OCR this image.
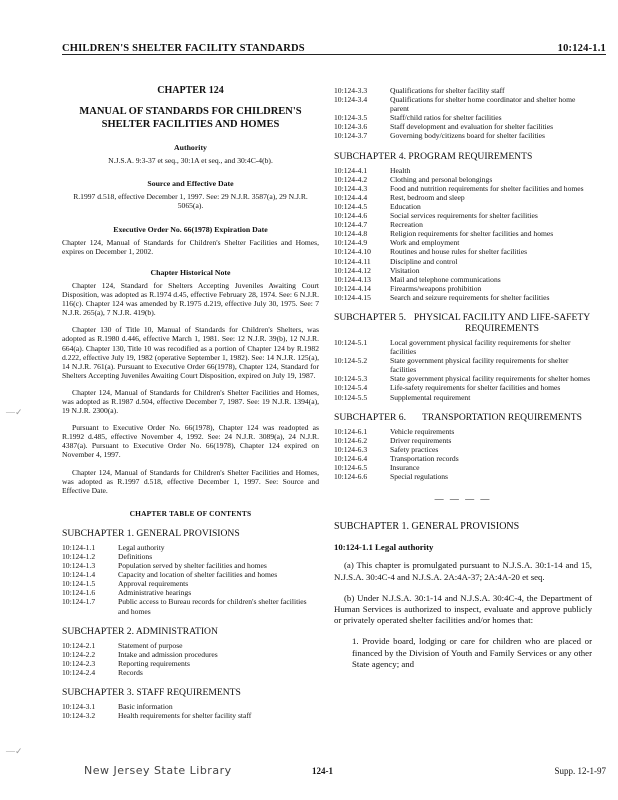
CHILDREN'S SHELTER FACILITY STANDARDS	10:124-1.1
—✓
—✓
CHAPTER 124
MANUAL OF STANDARDS FOR CHILDREN'S SHELTER FACILITIES AND HOMES
Authority
N.J.S.A. 9:3-37 et seq., 30:1A et seq., and 30:4C-4(b).
Source and Effective Date
R.1997 d.518, effective December 1, 1997. See: 29 N.J.R. 3587(a), 29 N.J.R. 5065(a).
Executive Order No. 66(1978) Expiration Date
Chapter 124, Manual of Standards for Children's Shelter Facilities and Homes, expires on December 1, 2002.
Chapter Historical Note
Chapter 124, Standard for Shelters Accepting Juveniles Awaiting Court Disposition, was adopted as R.1974 d.45, effective February 28, 1974. See: 6 N.J.R. 116(c). Chapter 124 was amended by R.1975 d.219, effective July 30, 1975. See: 7 N.J.R. 265(a), 7 N.J.R. 419(b).
Chapter 130 of Title 10, Manual of Standards for Children's Shelters, was adopted as R.1980 d.446, effective March 1, 1981. See: 12 N.J.R. 39(b), 12 N.J.R. 664(a). Chapter 130, Title 10 was recodified as a portion of Chapter 124 by R.1982 d.222, effective July 19, 1982 (operative September 1, 1982). See: 14 N.J.R. 125(a), 14 N.J.R. 761(a). Pursuant to Executive Order 66(1978), Chapter 124, Standard for Shelters Accepting Juveniles Awaiting Court Disposition, expired on July 19, 1987.
Chapter 124, Manual of Standards for Children's Shelter Facilities and Homes, was adopted as R.1987 d.504, effective December 7, 1987. See: 19 N.J.R. 1394(a), 19 N.J.R. 2300(a).
Pursuant to Executive Order No. 66(1978), Chapter 124 was readopted as R.1992 d.485, effective November 4, 1992. See: 24 N.J.R. 3089(a), 24 N.J.R. 4387(a). Pursuant to Executive Order No. 66(1978), Chapter 124 expired on November 4, 1997.
Chapter 124, Manual of Standards for Children's Shelter Facilities and Homes, was adopted as R.1997 d.518, effective December 1, 1997. See: Source and Effective Date.
CHAPTER TABLE OF CONTENTS
SUBCHAPTER 1. GENERAL PROVISIONS
10:124-1.1	Legal authority
10:124-1.2	Definitions
10:124-1.3	Population served by shelter facilities and homes
10:124-1.4	Capacity and location of shelter facilities and homes
10:124-1.5	Approval requirements
10:124-1.6	Administrative hearings
10:124-1.7	Public access to Bureau records for children's shelter facilities and homes
SUBCHAPTER 2. ADMINISTRATION
10:124-2.1	Statement of purpose
10:124-2.2	Intake and admission procedures
10:124-2.3	Reporting requirements
10:124-2.4	Records
SUBCHAPTER 3. STAFF REQUIREMENTS
10:124-3.1	Basic information
10:124-3.2	Health requirements for shelter facility staff
10:124-3.3	Qualifications for shelter facility staff
10:124-3.4	Qualifications for shelter home coordinator and shelter home parent
10:124-3.5	Staff/child ratios for shelter facilities
10:124-3.6	Staff development and evaluation for shelter facilities
10:124-3.7	Governing body/citizens board for shelter facilities
SUBCHAPTER 4. PROGRAM REQUIREMENTS
10:124-4.1	Health
10:124-4.2	Clothing and personal belongings
10:124-4.3	Food and nutrition requirements for shelter facilities and homes
10:124-4.4	Rest, bedroom and sleep
10:124-4.5	Education
10:124-4.6	Social services requirements for shelter facilities
10:124-4.7	Recreation
10:124-4.8	Religion requirements for shelter facilities and homes
10:124-4.9	Work and employment
10:124-4.10	Routines and house rules for shelter facilities
10:124-4.11	Discipline and control
10:124-4.12	Visitation
10:124-4.13	Mail and telephone communications
10:124-4.14	Firearms/weapons prohibition
10:124-4.15	Search and seizure requirements for shelter facilities
SUBCHAPTER 5. PHYSICAL FACILITY AND LIFE-SAFETY REQUIREMENTS
10:124-5.1	Local government physical facility requirements for shelter facilities
10:124-5.2	State government physical facility requirements for shelter facilities
10:124-5.3	State government physical facility requirements for shelter homes
10:124-5.4	Life-safety requirements for shelter facilities and homes
10:124-5.5	Supplemental requirement
SUBCHAPTER 6.	TRANSPORTATION REQUIREMENTS
10:124-6.1	Vehicle requirements
10:124-6.2	Driver requirements
10:124-6.3	Safety practices
10:124-6.4	Transportation records
10:124-6.5	Insurance
10:124-6.6	Special regulations
— — — —
SUBCHAPTER 1. GENERAL PROVISIONS
10:124-1.1 Legal authority
(a) This chapter is promulgated pursuant to N.J.S.A. 30:1-14 and 15, N.J.S.A. 30:4C-4 and N.J.S.A. 2A:4A-37; 2A:4A-20 et seq.
(b) Under N.J.S.A. 30:1-14 and N.J.S.A. 30:4C-4, the Department of Human Services is authorized to inspect, evaluate and approve publicly or privately operated shelter facilities and/or homes that:
1. Provide board, lodging or care for children who are placed or financed by the Division of Youth and Family Services or any other State agency; and
New Jersey State Library	124-1	Supp. 12-1-97
